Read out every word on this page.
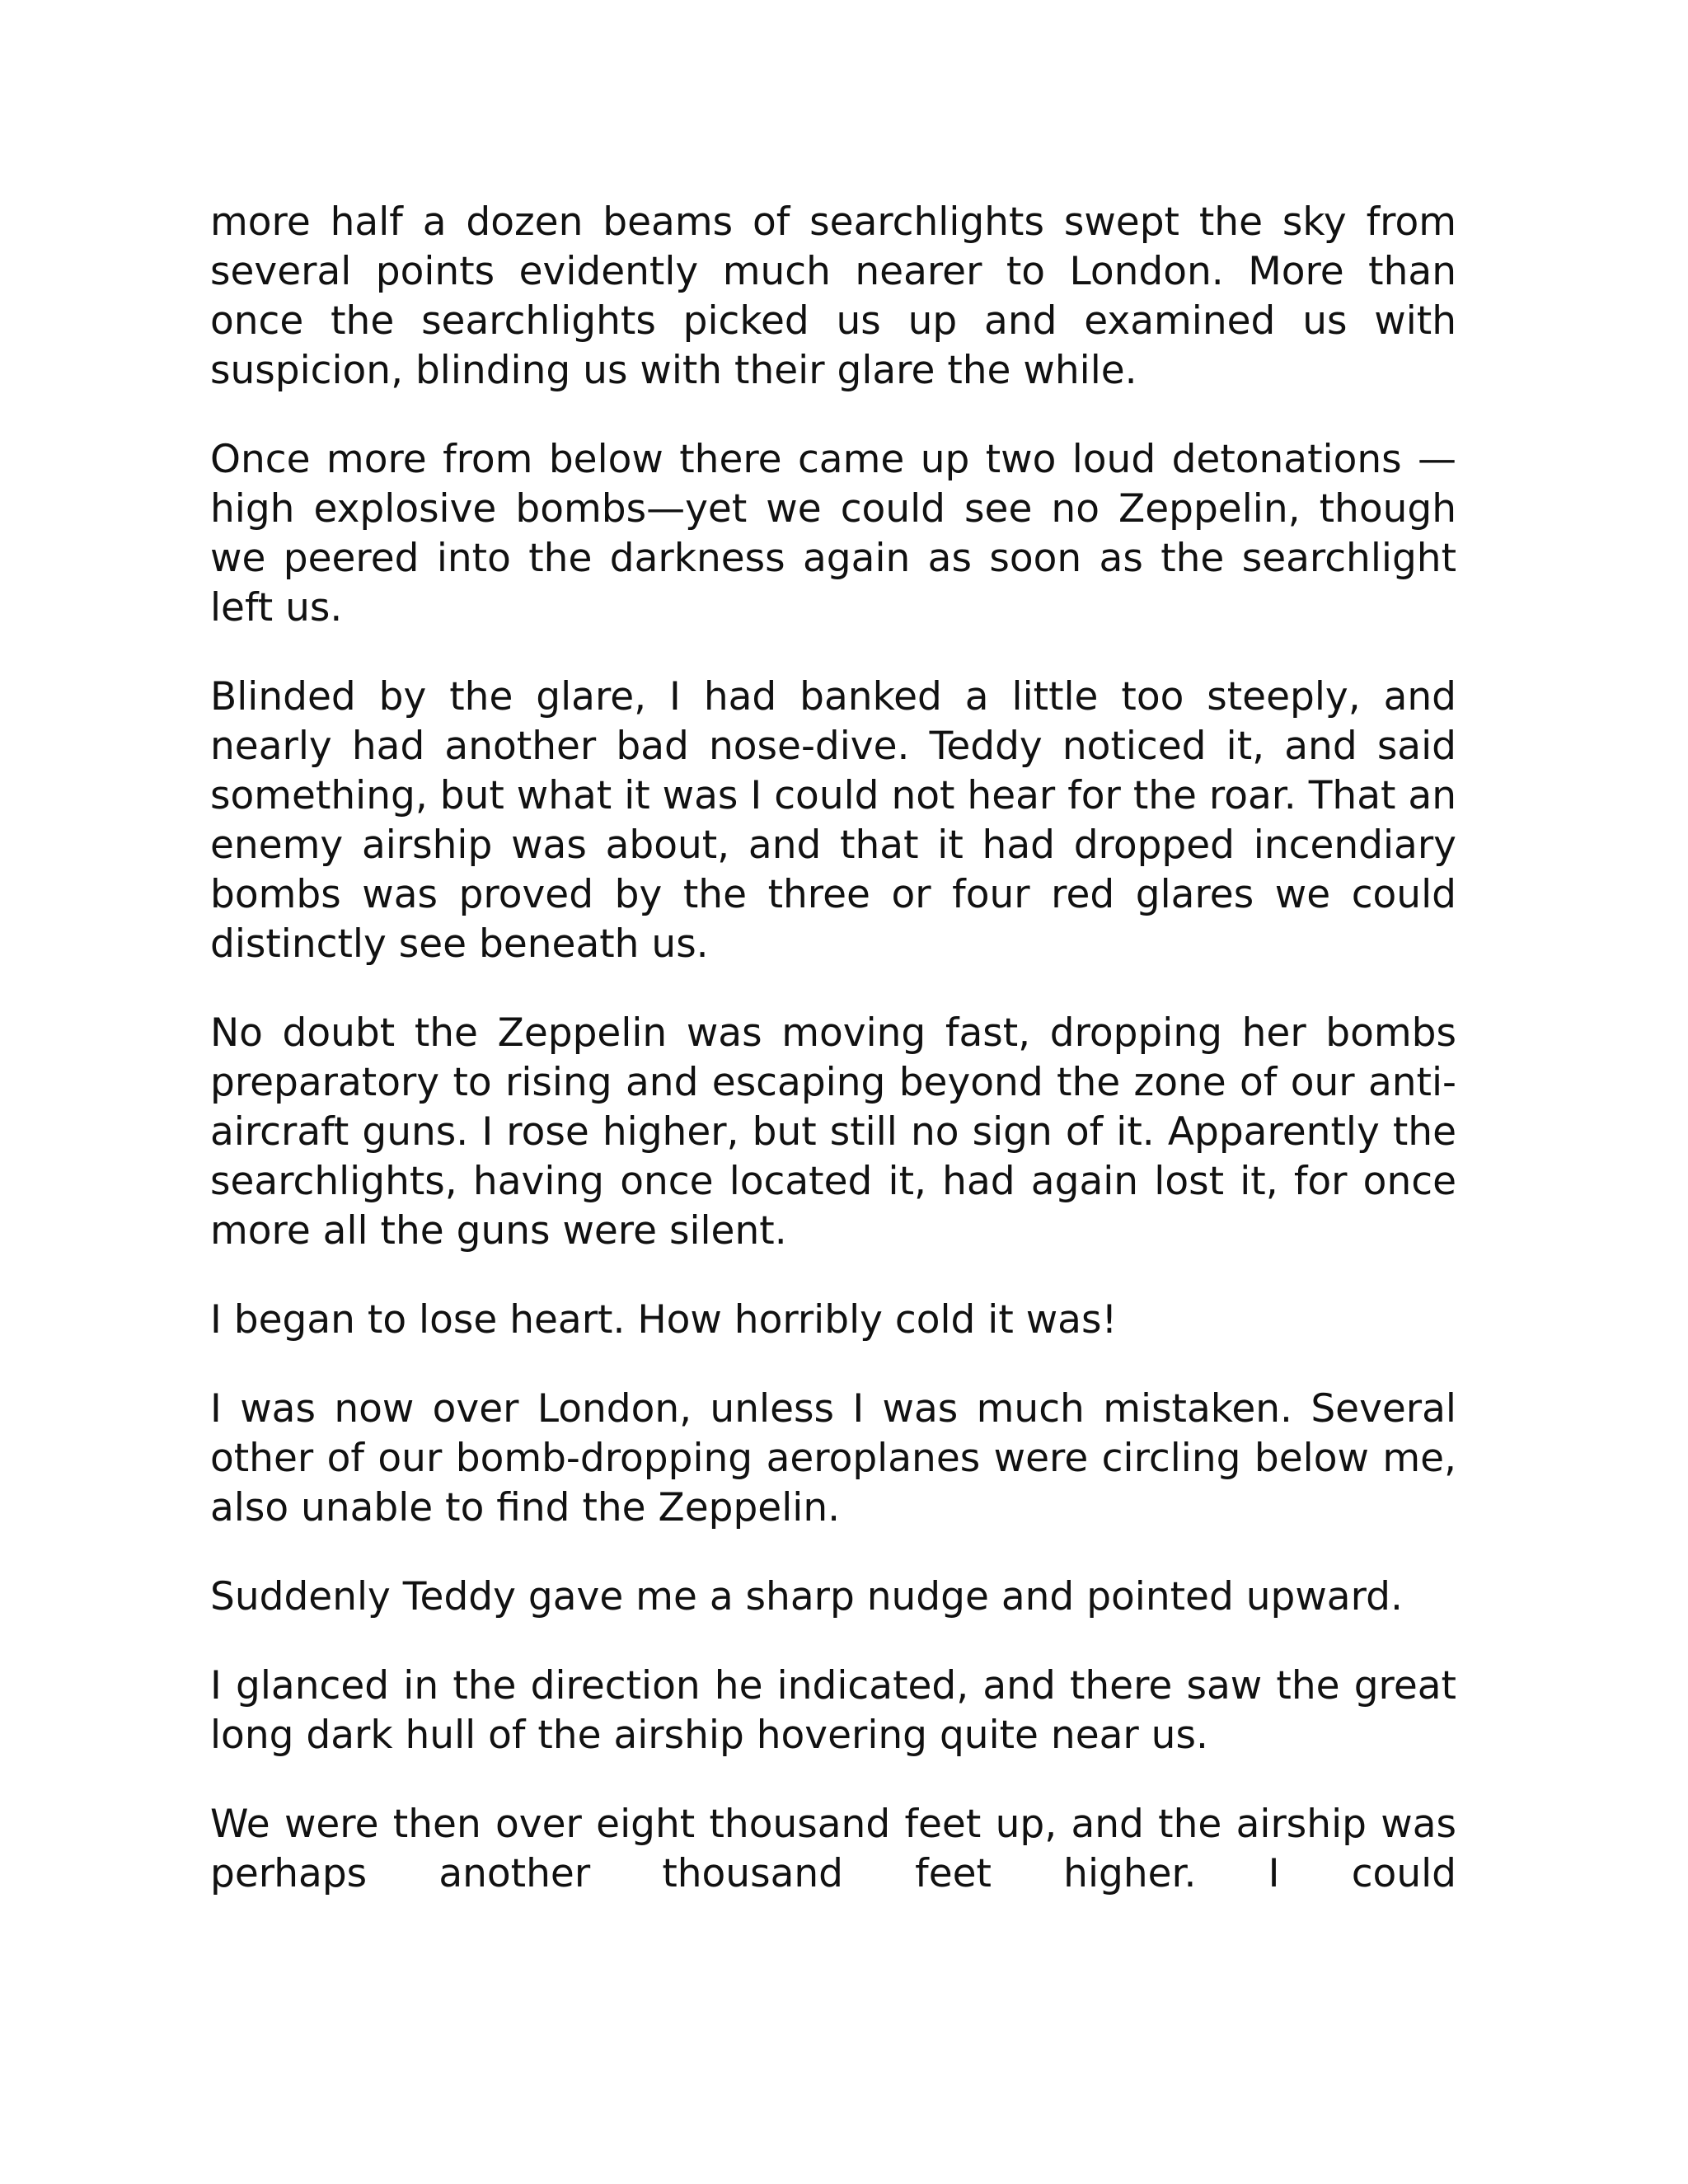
more half a dozen beams of searchlights swept the sky from several points evidently much nearer to London. More than once the searchlights picked us up and examined us with suspicion, blinding us with their glare the while.

Once more from below there came up two loud detonations —high explosive bombs—yet we could see no Zeppelin, though we peered into the darkness again as soon as the searchlight left us.

Blinded by the glare, I had banked a little too steeply, and nearly had another bad nose-dive. Teddy noticed it, and said something, but what it was I could not hear for the roar. That an enemy airship was about, and that it had dropped incendiary bombs was proved by the three or four red glares we could distinctly see beneath us.

No doubt the Zeppelin was moving fast, dropping her bombs preparatory to rising and escaping beyond the zone of our anti-aircraft guns. I rose higher, but still no sign of it. Apparently the searchlights, having once located it, had again lost it, for once more all the guns were silent.

I began to lose heart. How horribly cold it was!

I was now over London, unless I was much mistaken. Several other of our bomb-dropping aeroplanes were circling below me, also unable to find the Zeppelin.

Suddenly Teddy gave me a sharp nudge and pointed upward.

I glanced in the direction he indicated, and there saw the great long dark hull of the airship hovering quite near us.

We were then over eight thousand feet up, and the airship was perhaps another thousand feet higher. I could
